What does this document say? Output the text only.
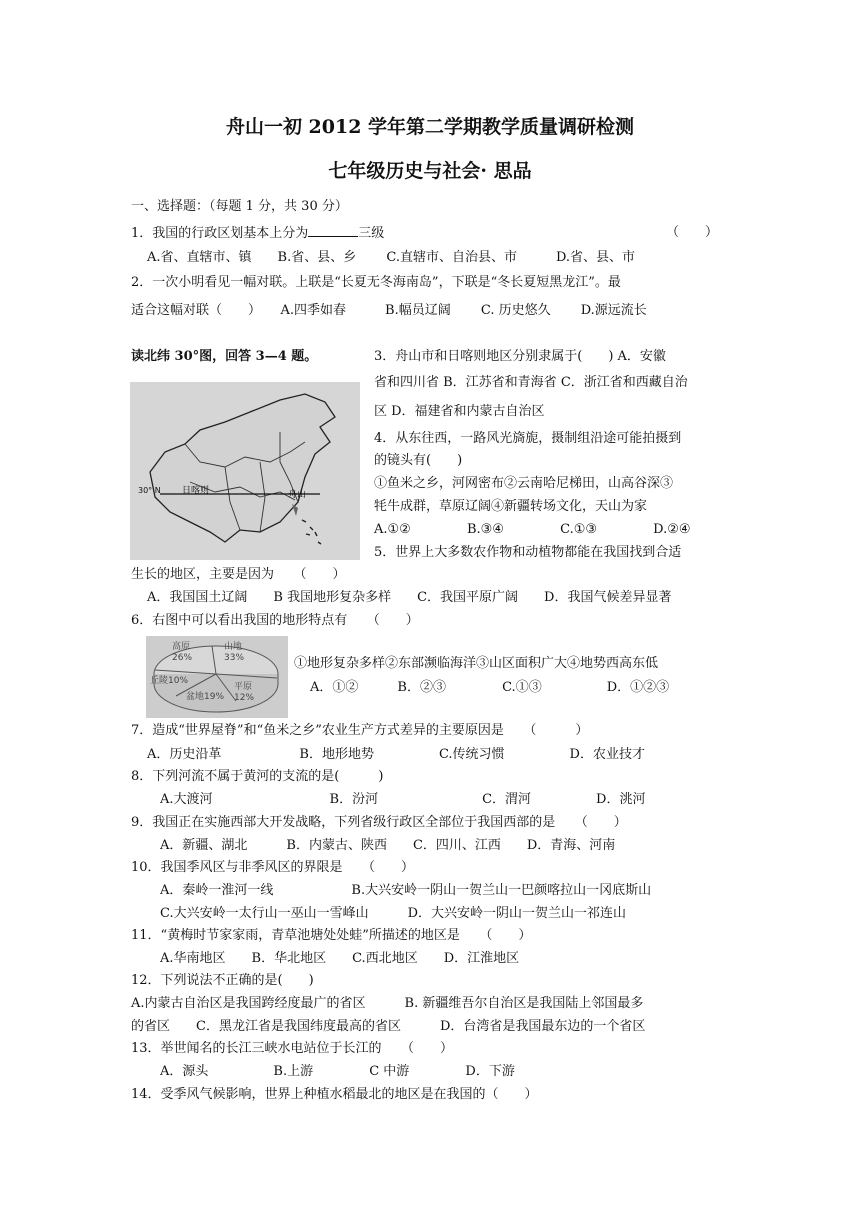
舟山一初 2012 学年第二学期教学质量调研检测
七年级历史与社会· 思品
一、选择题：（每题 1 分，共 30 分）
1．我国的行政区划基本上分为	三级	（　　）
A.省、直辖市、镇　　B.省、县、乡　　 C.直辖市、自治县、市　　　D.省、县、市
2．一次小明看见一幅对联。上联是“长夏无冬海南岛”，下联是“冬长夏短黑龙江”。最
适合这幅对联（　　）　　A.四季如春　　　B.幅员辽阔　　 C. 历史悠久　　 D.源远流长
读北纬 30°图，回答 3—4 题。
30° N 日喀则	舟山
3．舟山市和日喀则地区分别隶属于(　　) A．安徽
省和四川省 B．江苏省和青海省 C．浙江省和西藏自治
区 D．福建省和内蒙古自治区
4．从东往西，一路风光旖旎，摄制组沿途可能拍摄到
的镜头有(　　)
①鱼米之乡，河网密布②云南哈尼梯田，山高谷深③
牦牛成群，草原辽阔④新疆转场文化，天山为家
A.①②　　　　 B.③④　　　　 C.①③　　　　 D.②④
5．世界上大多数农作物和动植物都能在我国找到合适
生长的地区，主要是因为　　（　　）
A．我国国土辽阔　　B 我国地形复杂多样　　C．我国平原广阔　　D．我国气候差异显著
6．右图中可以看出我国的地形特点有　　（　　）
高原
26%
山地
33%
丘陵10%
盆地19%
平原
12%
①地形复杂多样②东部濒临海洋③山区面积广大④地势西高东低
A．①②　　　B．②③　　　　 C.①③　　　　　D．①②③
7．造成“世界屋脊”和“鱼米之乡”农业生产方式差异的主要原因是　　（　　　）
A．历史沿革　　　　　　B．地形地势　　　　　C.传统习惯　　　　　D．农业技才
8．下列河流不属于黄河的支流的是(　　　)
A.大渡河　　　　　　　　　B．汾河　　　　　　　　C．渭河　　　　　D．洮河
9．我国正在实施西部大开发战略，下列省级行政区全部位于我国西部的是　　（　　）
A．新疆、湖北　　　B．内蒙古、陕西　　C．四川、江西　　D．青海、河南
10．我国季风区与非季风区的界限是　　（　　）
A．秦岭一淮河一线　　　　　　B.大兴安岭一阴山一贺兰山一巴颜喀拉山一冈底斯山
C.大兴安岭一太行山一巫山一雪峰山　　　D．大兴安岭一阴山一贺兰山一祁连山
11．“黄梅时节家家雨，青草池塘处处蛙”所描述的地区是　　（　　）
A.华南地区　　B．华北地区　　C.西北地区　　D．江淮地区
12．下列说法不正确的是(　　)
A.内蒙古自治区是我国跨经度最广的省区　　　B. 新疆维吾尔自治区是我国陆上邻国最多
的省区　　C．黑龙江省是我国纬度最高的省区　　　D．台湾省是我国最东边的一个省区
13．举世闻名的长江三峡水电站位于长江的　　（　　）
A．源头　　　　　B.上游　　　　 C 中游　　　　 D．下游
14．受季风气候影响，世界上种植水稻最北的地区是在我国的（　　）
